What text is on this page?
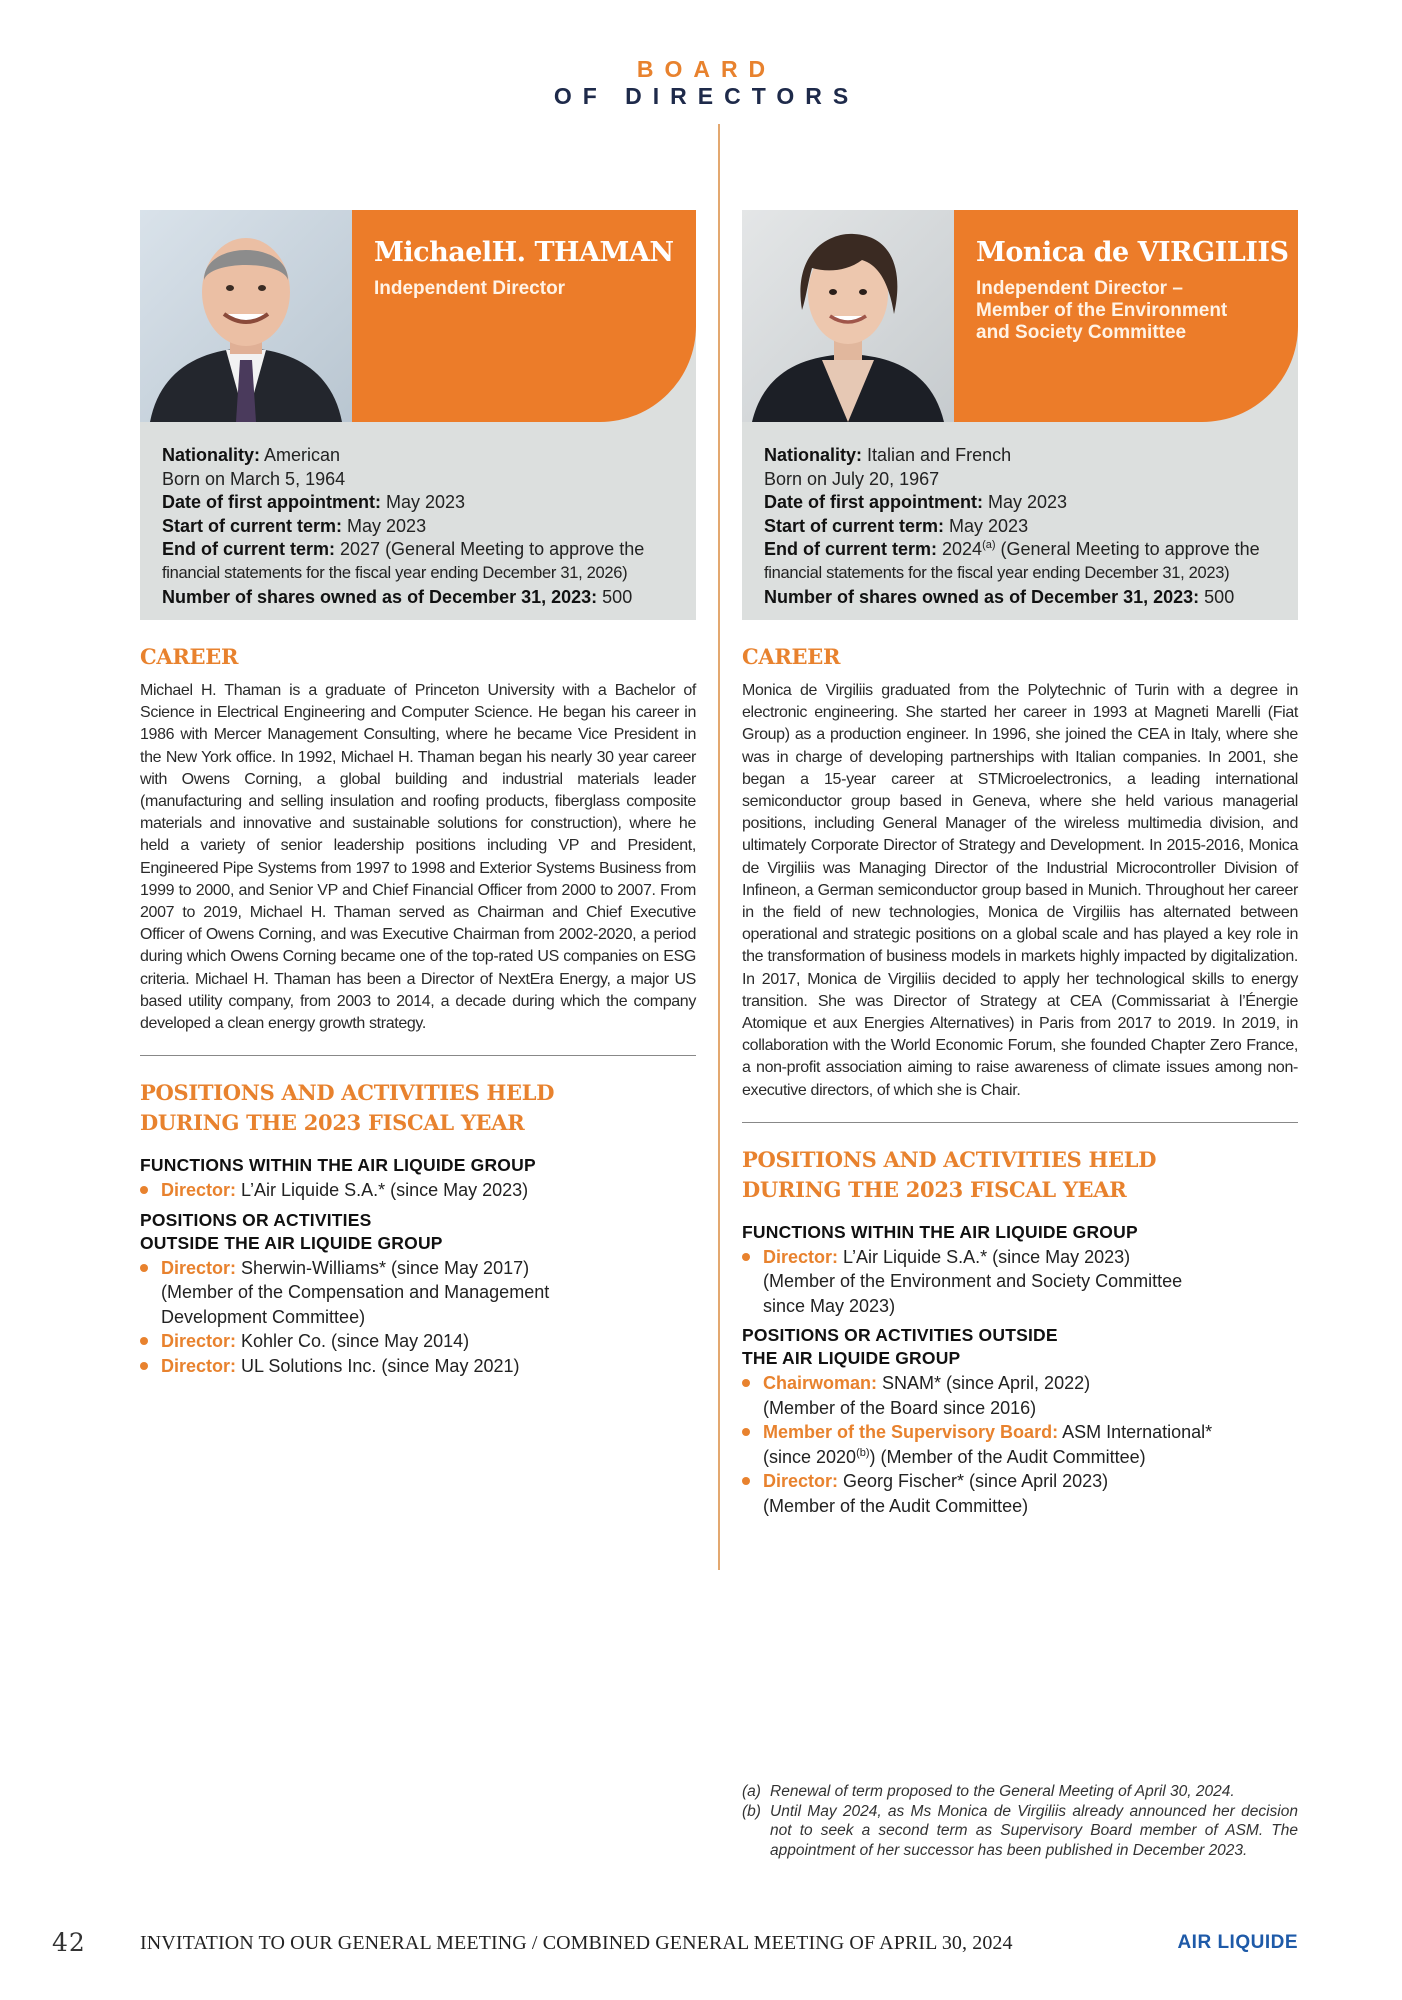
BOARD
OF DIRECTORS
MichaelH. THAMAN
Independent Director
Nationality: American
Born on March 5, 1964
Date of first appointment: May 2023
Start of current term: May 2023
End of current term: 2027 (General Meeting to approve the
financial statements for the fiscal year ending December 31, 2026)
Number of shares owned as of December 31, 2023: 500
CAREER
Michael H. Thaman is a graduate of Princeton University with a Bachelor of Science in Electrical Engineering and Computer Science. He began his career in 1986 with Mercer Management Consulting, where he became Vice President in the New York office. In 1992, Michael H. Thaman began his nearly 30 year career with Owens Corning, a global building and industrial materials leader (manufacturing and selling insulation and roofing products, fiberglass composite materials and innovative and sustainable solutions for construction), where he held a variety of senior leadership positions including VP and President, Engineered Pipe Systems from 1997 to 1998 and Exterior Systems Business from 1999 to 2000, and Senior VP and Chief Financial Officer from 2000 to 2007. From 2007 to 2019, Michael H. Thaman served as Chairman and Chief Executive Officer of Owens Corning, and was Executive Chairman from 2002-2020, a period during which Owens Corning became one of the top-rated US companies on ESG criteria. Michael H. Thaman has been a Director of NextEra Energy, a major US based utility company, from 2003 to 2014, a decade during which the company developed a clean energy growth strategy.
POSITIONS AND ACTIVITIES HELD
DURING THE 2023 FISCAL YEAR
FUNCTIONS WITHIN THE AIR LIQUIDE GROUP
Director: L’Air Liquide S.A.* (since May 2023)
POSITIONS OR ACTIVITIES
OUTSIDE THE AIR LIQUIDE GROUP
Director: Sherwin-Williams* (since May 2017)
(Member of the Compensation and Management
Development Committee)
Director: Kohler Co. (since May 2014)
Director: UL Solutions Inc. (since May 2021)
Monica de VIRGILIIS
Independent Director –
Member of the Environment
and Society Committee
Nationality: Italian and French
Born on July 20, 1967
Date of first appointment: May 2023
Start of current term: May 2023
End of current term: 2024$^{(a)}$ (General Meeting to approve the
financial statements for the fiscal year ending December 31, 2023)
Number of shares owned as of December 31, 2023: 500
CAREER
Monica de Virgiliis graduated from the Polytechnic of Turin with a degree in electronic engineering. She started her career in 1993 at Magneti Marelli (Fiat Group) as a production engineer. In 1996, she joined the CEA in Italy, where she was in charge of developing partnerships with Italian companies. In 2001, she began a 15-year career at STMicroelectronics, a leading international semiconductor group based in Geneva, where she held various managerial positions, including General Manager of the wireless multimedia division, and ultimately Corporate Director of Strategy and Development. In 2015-2016, Monica de Virgiliis was Managing Director of the Industrial Microcontroller Division of Infineon, a German semiconductor group based in Munich. Throughout her career in the field of new technologies, Monica de Virgiliis has alternated between operational and strategic positions on a global scale and has played a key role in the transformation of business models in markets highly impacted by digitalization. In 2017, Monica de Virgiliis decided to apply her technological skills to energy transition. She was Director of Strategy at CEA (Commissariat à l’Énergie Atomique et aux Energies Alternatives) in Paris from 2017 to 2019. In 2019, in collaboration with the World Economic Forum, she founded Chapter Zero France, a non-profit association aiming to raise awareness of climate issues among non-executive directors, of which she is Chair.
POSITIONS AND ACTIVITIES HELD
DURING THE 2023 FISCAL YEAR
FUNCTIONS WITHIN THE AIR LIQUIDE GROUP
Director: L’Air Liquide S.A.* (since May 2023)
(Member of the Environment and Society Committee
since May 2023)
POSITIONS OR ACTIVITIES OUTSIDE
THE AIR LIQUIDE GROUP
Chairwoman: SNAM* (since April, 2022)
(Member of the Board since 2016)
Member of the Supervisory Board: ASM International*
(since 2020$^{(b)}$) (Member of the Audit Committee)
Director: Georg Fischer* (since April 2023)
(Member of the Audit Committee)
(a) Renewal of term proposed to the General Meeting of April 30, 2024.
(b) Until May 2024, as Ms Monica de Virgiliis already announced her decision not to seek a second term as Supervisory Board member of ASM. The appointment of her successor has been published in December 2023.
42	INVITATION TO OUR GENERAL MEETING / COMBINED GENERAL MEETING OF APRIL 30, 2024	AIR LIQUIDE
